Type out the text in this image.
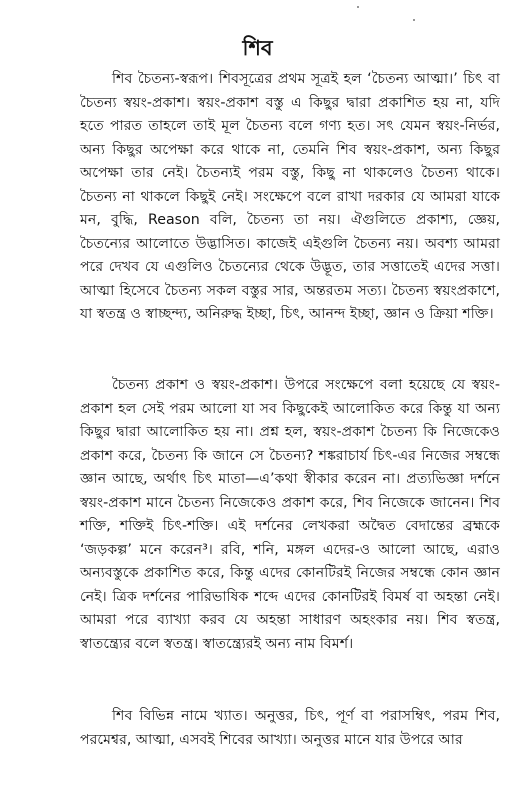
শিব

শিব চৈতন্য-স্বরূপ। শিবসূত্রের প্রথম সূত্রই হল ‘চৈতন্য আত্মা।’ চিৎ বা চৈতন্য স্বয়ং-প্রকাশ। স্বয়ং-প্রকাশ বস্তু এ কিছুর দ্বারা প্রকাশিত হয় না, যদি হতে পারত তাহলে তাই মূল চৈতন্য বলে গণ্য হত। সৎ যেমন স্বয়ং-নির্ভর, অন্য কিছুর অপেক্ষা করে থাকে না, তেমনি শিব স্বয়ং-প্রকাশ, অন্য কিছুর অপেক্ষা তার নেই। চৈতন্যই পরম বস্তু, কিছু না থাকলেও চৈতন্য থাকে। চৈতন্য না থাকলে কিছুই নেই। সংক্ষেপে বলে রাখা দরকার যে আমরা যাকে মন, বুদ্ধি, Reason বলি, চৈতন্য তা নয়। ঐগুলিতে প্রকাশ্য, জ্ঞেয়, চৈতন্যের আলোতে উদ্ভাসিত। কাজেই এইগুলি চৈতন্য নয়। অবশ্য আমরা পরে দেখব যে এগুলিও চৈতন্যের থেকে উদ্ভূত, তার সত্তাতেই এদের সত্তা। আত্মা হিসেবে চৈতন্য সকল বস্তুর সার, অন্তরতম সত্য। চৈতন্য স্বয়ংপ্রকাশে, যা স্বতন্ত্র ও স্বাচ্ছন্দ্য, অনিরুদ্ধ ইচ্ছা, চিৎ, আনন্দ ইচ্ছা, জ্ঞান ও ক্রিয়া শক্তি।

চৈতন্য প্রকাশ ও স্বয়ং-প্রকাশ। উপরে সংক্ষেপে বলা হয়েছে যে স্বয়ং-প্রকাশ হল সেই পরম আলো যা সব কিছুকেই আলোকিত করে কিন্তু যা অন্য কিছুর দ্বারা আলোকিত হয় না। প্রশ্ন হল, স্বয়ং-প্রকাশ চৈতন্য কি নিজেকেও প্রকাশ করে, চৈতন্য কি জানে সে চৈতন্য? শঙ্করাচার্য চিৎ-এর নিজের সম্বন্ধে জ্ঞান আছে, অর্থাৎ চিৎ মাতা—এ’কথা স্বীকার করেন না। প্রত্যভিজ্ঞা দর্শনে স্বয়ং-প্রকাশ মানে চৈতন্য নিজেকেও প্রকাশ করে, শিব নিজেকে জানেন। শিব শক্তি, শক্তিই চিৎ-শক্তি। এই দর্শনের লেখকরা অদ্বৈত বেদান্তের ব্রহ্মকে ‘জড়কল্প’ মনে করেন³। রবি, শনি, মঙ্গল এদের-ও আলো আছে, এরাও অন্যবস্তুকে প্রকাশিত করে, কিন্তু এদের কোনটিরই নিজের সম্বন্ধে কোন জ্ঞান নেই। ত্রিক দর্শনের পারিভাষিক শব্দে এদের কোনটিরই বিমর্ষ বা অহন্তা নেই। আমরা পরে ব্যাখ্যা করব যে অহন্তা সাধারণ অহংকার নয়। শিব স্বতন্ত্র, স্বাতন্ত্র্যের বলে স্বতন্ত্র। স্বাতন্ত্র্যেরই অন্য নাম বিমর্শ।

শিব বিভিন্ন নামে খ্যাত। অনুত্তর, চিৎ, পূর্ণ বা পরাসম্বিৎ, পরম শিব, পরমেশ্বর, আত্মা, এসবই শিবের আখ্যা। অনুত্তর মানে যার উপরে আর
